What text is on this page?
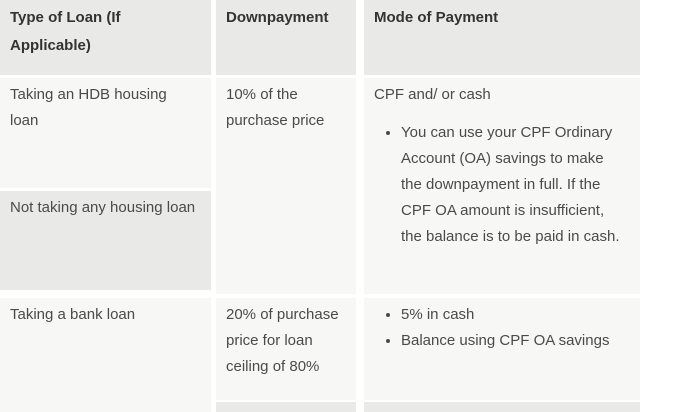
Type of Loan (If Applicable)
Downpayment	Mode of Payment
Taking an HDB housing loan
10% of the purchase price
CPF and/ or cash
• You can use your CPF Ordinary Account (OA) savings to make the downpayment in full. If the CPF OA amount is insufficient, the balance is to be paid in cash.
Not taking any housing loan
Taking a bank loan	20% of purchase price for loan ceiling of 80%
• 5% in cash
• Balance using CPF OA savings
